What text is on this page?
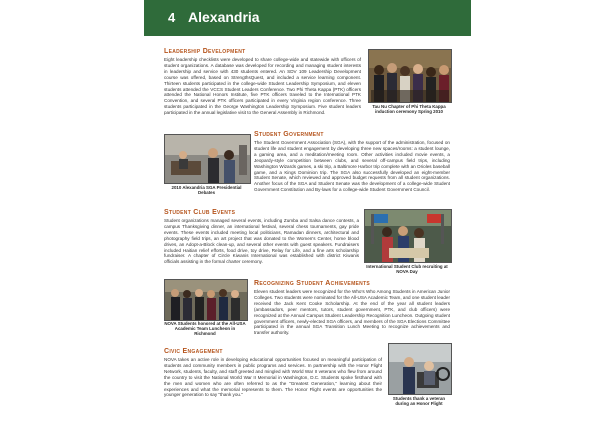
4 Alexandria
Leadership Development

Eight leadership checklists were developed to share college-wide and statewide with officers of student organizations. A database was developed for recording and managing student interests in leadership and service with 430 students entered. An SDV 109 Leadership Development course was offered, based on StrengthsQuest, and included a service learning component. Thirteen students participated in the college-wide Student Leadership Symposium, and eleven students attended the VCCS Student Leaders Conference. Two Phi Theta Kappa (PTK) officers attended the National Honors Institute, five PTK officers traveled to the International PTK Convention, and several PTK officers participated in every Virginia region conference. Three students participated in the George Washington Leadership Symposium. Five student leaders participated in the annual legislative visit to the General Assembly in Richmond.

Tau Nu Chapter of Phi Theta Kappa induction ceremony Spring 2010
2010 Alexandria SGA Presidential Debates
Student Government

The Student Government Association (SGA), with the support of the administration, focused on student life and student engagement by developing three new spaces/rooms: a student lounge, a gaming area, and a meditation/meeting room. Other activities included movie events, a Jeopardy-style competition between clubs, and several off-campus field trips, including Washington Wizards games, a ski trip, a Baltimore Harbor trip complete with an Orioles baseball game, and a Kings Dominion trip. The SGA also successfully developed an eight-member Student Senate, which reviewed and approved budget requests from all student organizations. Another focus of the SGA and Student Senate was the development of a college-wide Student Government Constitution and By-laws for a college-wide Student Government Council.

Student Club Events

Student organizations managed several events, including Zumba and Salsa dance contests, a campus Thanksgiving dinner, an international festival, several chess tournaments, gay pride events. These events included meeting local politicians, Ramadan dinners, architectural and photography field trips, an art project that was donated to the Women's Center, home blood drives, an Adopt-a-Block clean-up, and several other events with guest speakers. Fundraisers included Haitian relief efforts, food drive, toy drive, Relay for Life, and a fine arts scholarship fundraiser. A chapter of Circle Kiwanis International was established with district Kiwanis officials assisting in the formal charter ceremony.

International Student Club recruiting at NOVA Day
NOVA Students honored at the All-USA Academic Team Luncheon in Richmond
Recognizing Student Achievements

Eleven student leaders were recognized for the Who's Who Among Students in American Junior Colleges. Two students were nominated for the All-USA Academic Team, and one student leader received the Jack Kent Cooke Scholarship. At the end of the year all student leaders (ambassadors, peer mentors, tutors, student government, PTK, and club officers) were recognized at the Annual Campus Student Leadership Recognition Luncheon. Outgoing student government officers, newly-elected SGA officers, and members of the SGA Elections Committee participated in the annual SGA Transition Lunch Meeting to recognize achievements and transfer authority.

Civic Engagement

NOVA takes an active role in developing educational opportunities focused on meaningful participation of students and community members in public programs and services. In partnership with the Honor Flight Network, students, faculty, and staff greeted and mingled with World War II veterans who flew from around the country to visit the National World War II Memorial in Washington, D.C. Students spoke firsthand with the men and women who are often referred to as the "Greatest Generation," learning about their experiences and what the memorial represents to them. The Honor Flight events are opportunities the younger generation to say "thank you."

Students thank a veteran during an Honor Flight
